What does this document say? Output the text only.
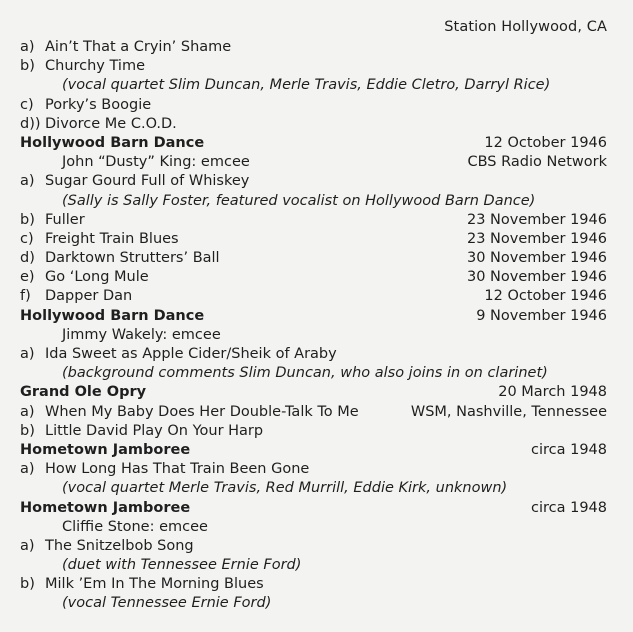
Station Hollywood, CA
a) Ain’t That a Cryin’ Shame
b) Churchy Time
(vocal quartet Slim Duncan, Merle Travis, Eddie Cletro, Darryl Rice)
c) Porky’s Boogie
d)) Divorce Me C.O.D.
Hollywood Barn Dance	12 October 1946
John “Dusty” King: emcee	CBS Radio Network
a) Sugar Gourd Full of Whiskey
(Sally is Sally Foster, featured vocalist on Hollywood Barn Dance)
b) Fuller	23 November 1946
c) Freight Train Blues	23 November 1946
d) Darktown Strutters’ Ball	30 November 1946
e) Go ‘Long Mule	30 November 1946
f) Dapper Dan	12 October 1946
Hollywood Barn Dance	9 November 1946
Jimmy Wakely: emcee
a) Ida Sweet as Apple Cider/Sheik of Araby
(background comments Slim Duncan, who also joins in on clarinet)
Grand Ole Opry	20 March 1948
a) When My Baby Does Her Double-Talk To Me	WSM, Nashville, Tennessee
b) Little David Play On Your Harp
Hometown Jamboree	circa 1948
a) How Long Has That Train Been Gone
(vocal quartet Merle Travis, Red Murrill, Eddie Kirk, unknown)
Hometown Jamboree	circa 1948
Cliffie Stone: emcee
a) The Snitzelbob Song
(duet with Tennessee Ernie Ford)
b) Milk ’Em In The Morning Blues
(vocal Tennessee Ernie Ford)
